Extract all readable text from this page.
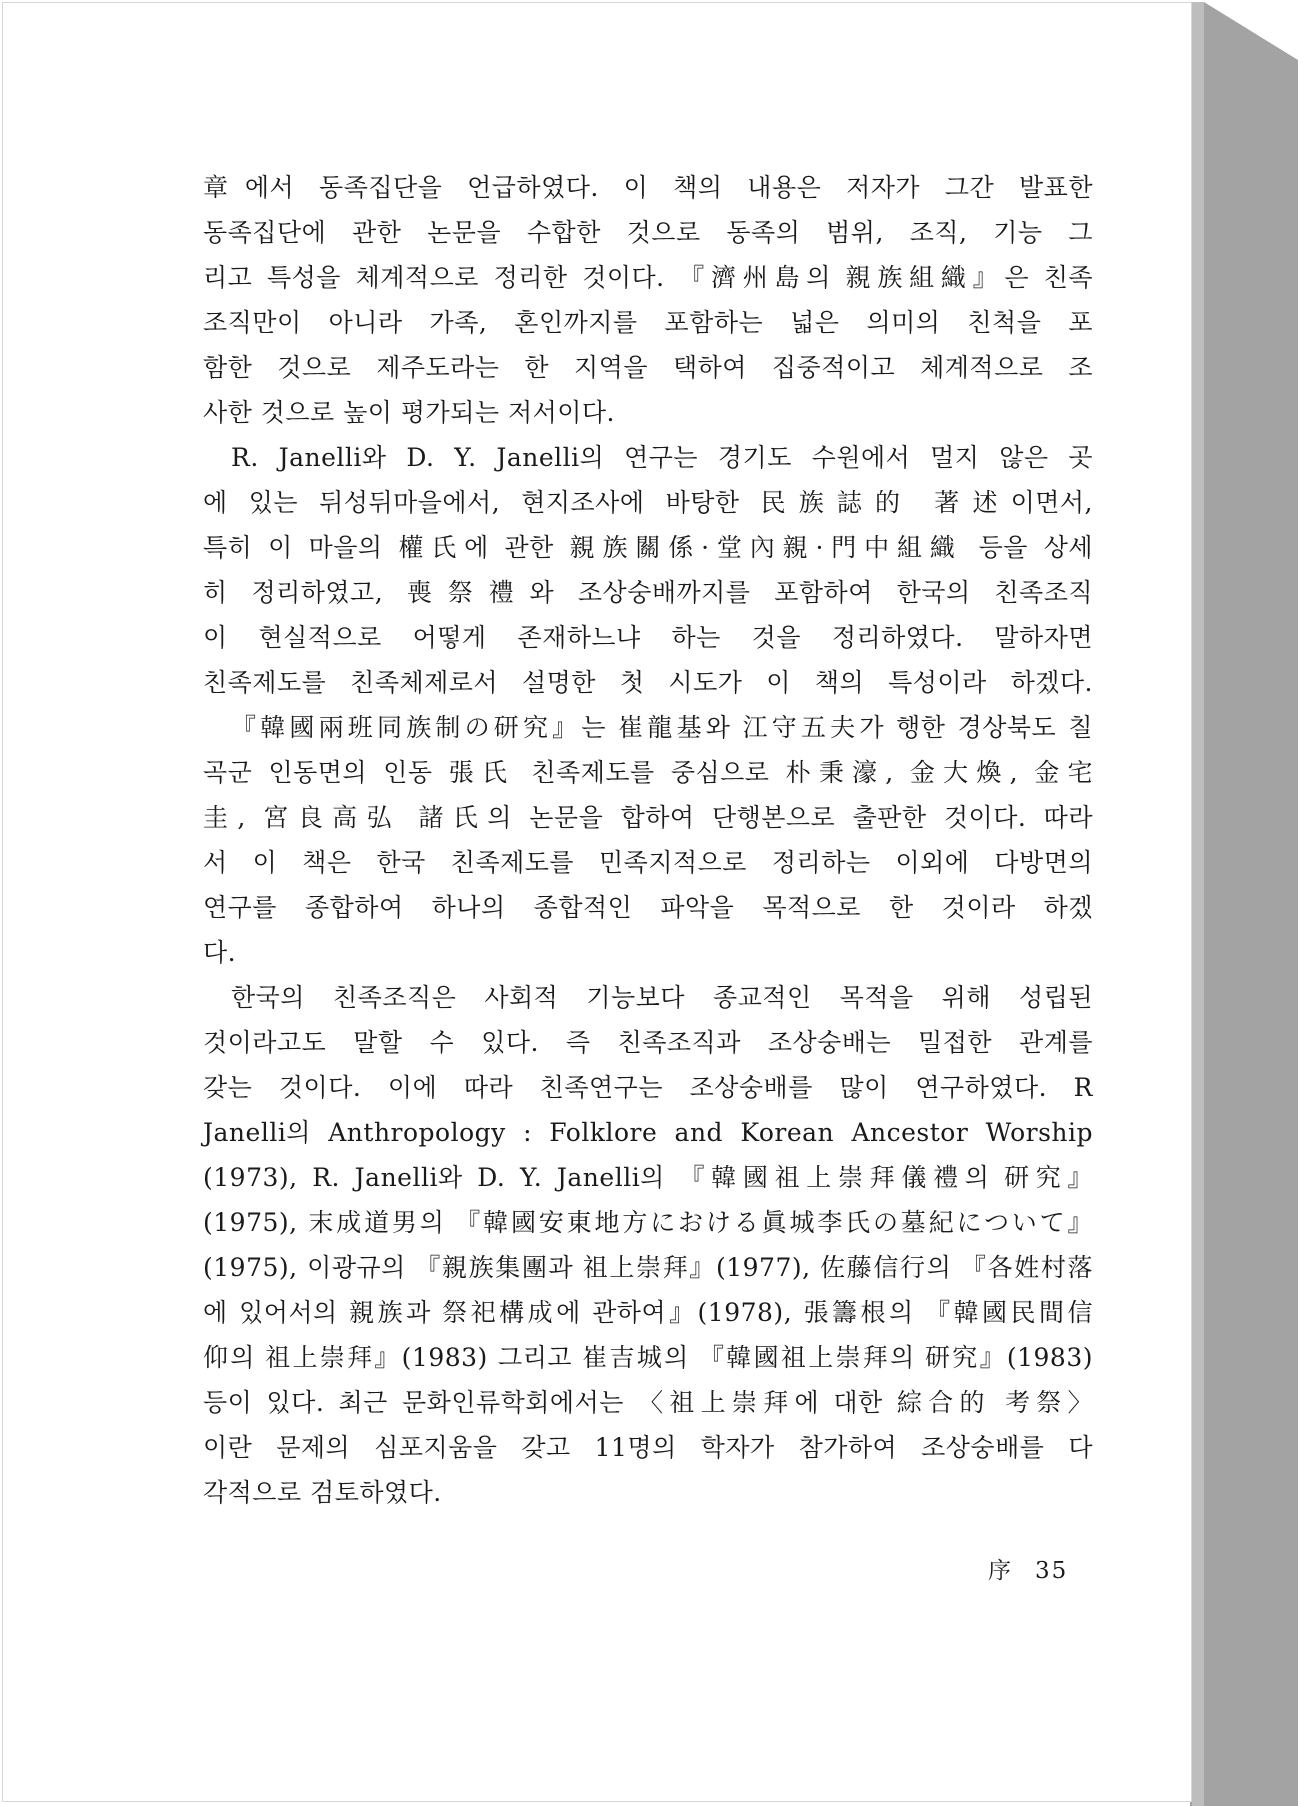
章에서 동족집단을 언급하였다. 이 책의 내용은 저자가 그간 발표한
동족집단에 관한 논문을 수합한 것으로 동족의 범위, 조직, 기능 그
리고 특성을 체계적으로 정리한 것이다. 『濟州島의 親族組織』은 친족
조직만이 아니라 가족, 혼인까지를 포함하는 넓은 의미의 친척을 포
함한 것으로 제주도라는 한 지역을 택하여 집중적이고 체계적으로 조
사한 것으로 높이 평가되는 저서이다.
R. Janelli와 D. Y. Janelli의 연구는 경기도 수원에서 멀지 않은 곳
에 있는 뒤성뒤마을에서, 현지조사에 바탕한 民族誌的 著述이면서,
특히 이 마을의 權氏에 관한 親族關係·堂內親·門中組織 등을 상세
히 정리하였고, 喪祭禮와 조상숭배까지를 포함하여 한국의 친족조직
이 현실적으로 어떻게 존재하느냐 하는 것을 정리하였다. 말하자면
친족제도를 친족체제로서 설명한 첫 시도가 이 책의 특성이라 하겠다.
『韓國兩班同族制の研究』는 崔龍基와 江守五夫가 행한 경상북도 칠
곡군 인동면의 인동 張氏 친족제도를 중심으로 朴秉濠, 金大煥, 金宅
圭, 宮良高弘 諸氏의 논문을 합하여 단행본으로 출판한 것이다. 따라
서 이 책은 한국 친족제도를 민족지적으로 정리하는 이외에 다방면의
연구를 종합하여 하나의 종합적인 파악을 목적으로 한 것이라 하겠
다.
한국의 친족조직은 사회적 기능보다 종교적인 목적을 위해 성립된
것이라고도 말할 수 있다. 즉 친족조직과 조상숭배는 밀접한 관계를
갖는 것이다. 이에 따라 친족연구는 조상숭배를 많이 연구하였다. R
Janelli의 Anthropology : Folklore and Korean Ancestor Worship
(1973), R. Janelli와 D. Y. Janelli의 『韓國祖上崇拜儀禮의 研究』
(1975), 末成道男의 『韓國安東地方における眞城李氏の墓紀について』
(1975), 이광규의 『親族集團과 祖上崇拜』(1977), 佐藤信行의 『各姓村落
에 있어서의 親族과 祭祀構成에 관하여』(1978), 張籌根의 『韓國民間信
仰의 祖上崇拜』(1983) 그리고 崔吉城의 『韓國祖上崇拜의 研究』(1983)
등이 있다. 최근 문화인류학회에서는 〈祖上崇拜에 대한 綜合的 考祭〉
이란 문제의 심포지움을 갖고 11명의 학자가 참가하여 조상숭배를 다
각적으로 검토하였다.
序 35
